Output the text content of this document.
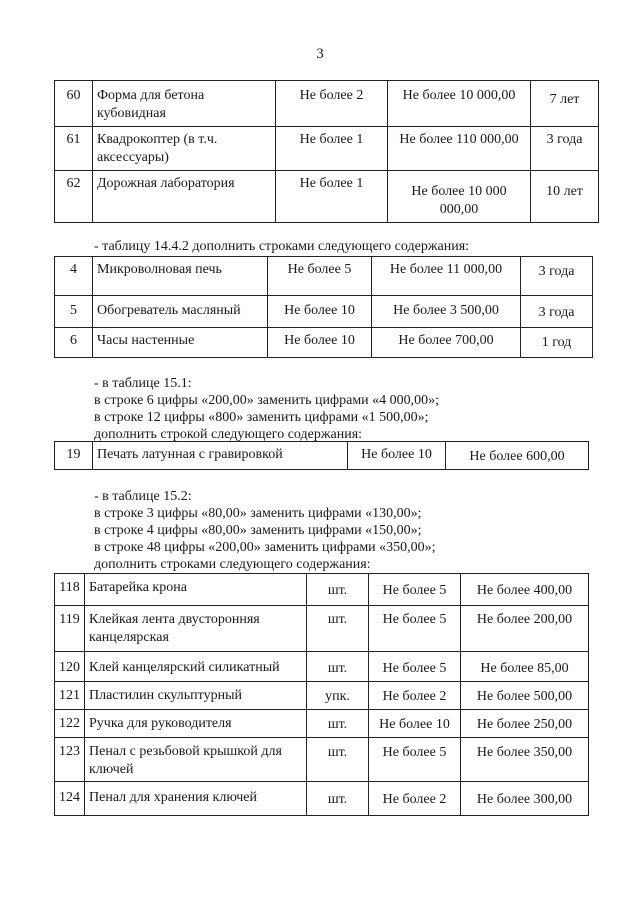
3
60	Форма для бетона кубовидная	Не более 2	Не более 10 000,00	7 лет
61	Квадрокоптер (в т.ч. аксессуары)	Не более 1	Не более 110 000,00	3 года
62	Дорожная лаборатория	Не более 1	Не более 10 000 000,00	10 лет
- таблицу 14.4.2 дополнить строками следующего содержания:
4	Микроволновая печь	Не более 5	Не более 11 000,00	3 года
5	Обогреватель масляный	Не более 10	Не более 3 500,00	3 года
6	Часы настенные	Не более 10	Не более 700,00	1 год
- в таблице 15.1:
в строке 6 цифры «200,00» заменить цифрами «4 000,00»;
в строке 12 цифры «800» заменить цифрами «1 500,00»;
дополнить строкой следующего содержания:
19	Печать латунная с гравировкой	Не более 10	Не более 600,00
- в таблице 15.2:
в строке 3 цифры «80,00» заменить цифрами «130,00»;
в строке 4 цифры «80,00» заменить цифрами «150,00»;
в строке 48 цифры «200,00» заменить цифрами «350,00»;
дополнить строками следующего содержания:
118	Батарейка крона	шт.	Не более 5	Не более 400,00
119	Клейкая лента двусторонняя канцелярская	шт.	Не более 5	Не более 200,00
120	Клей канцелярский силикатный	шт.	Не более 5	Не более 85,00
121	Пластилин скульптурный	упк.	Не более 2	Не более 500,00
122	Ручка для руководителя	шт.	Не более 10	Не более 250,00
123	Пенал с резьбовой крышкой для ключей	шт.	Не более 5	Не более 350,00
124	Пенал для хранения ключей	шт.	Не более 2	Не более 300,00
